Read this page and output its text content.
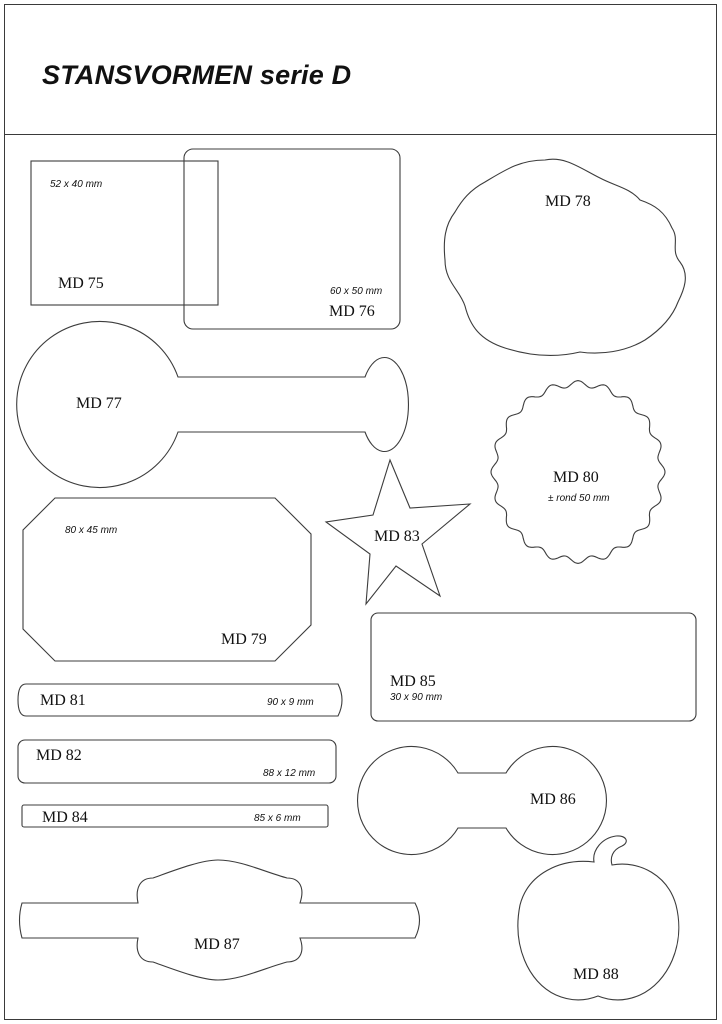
STANSVORMEN serie D
52 x 40 mm
MD 75	60 x 50 mm
MD 76
MD 78
MD 77
MD 80
± rond 50 mm
80 x 45 mm
MD 79
MD 83
MD 85
30 x 90 mm
MD 81	90 x 9 mm
MD 82
88 x 12 mm
MD 84	85 x 6 mm
MD 86
MD 87
MD 88
